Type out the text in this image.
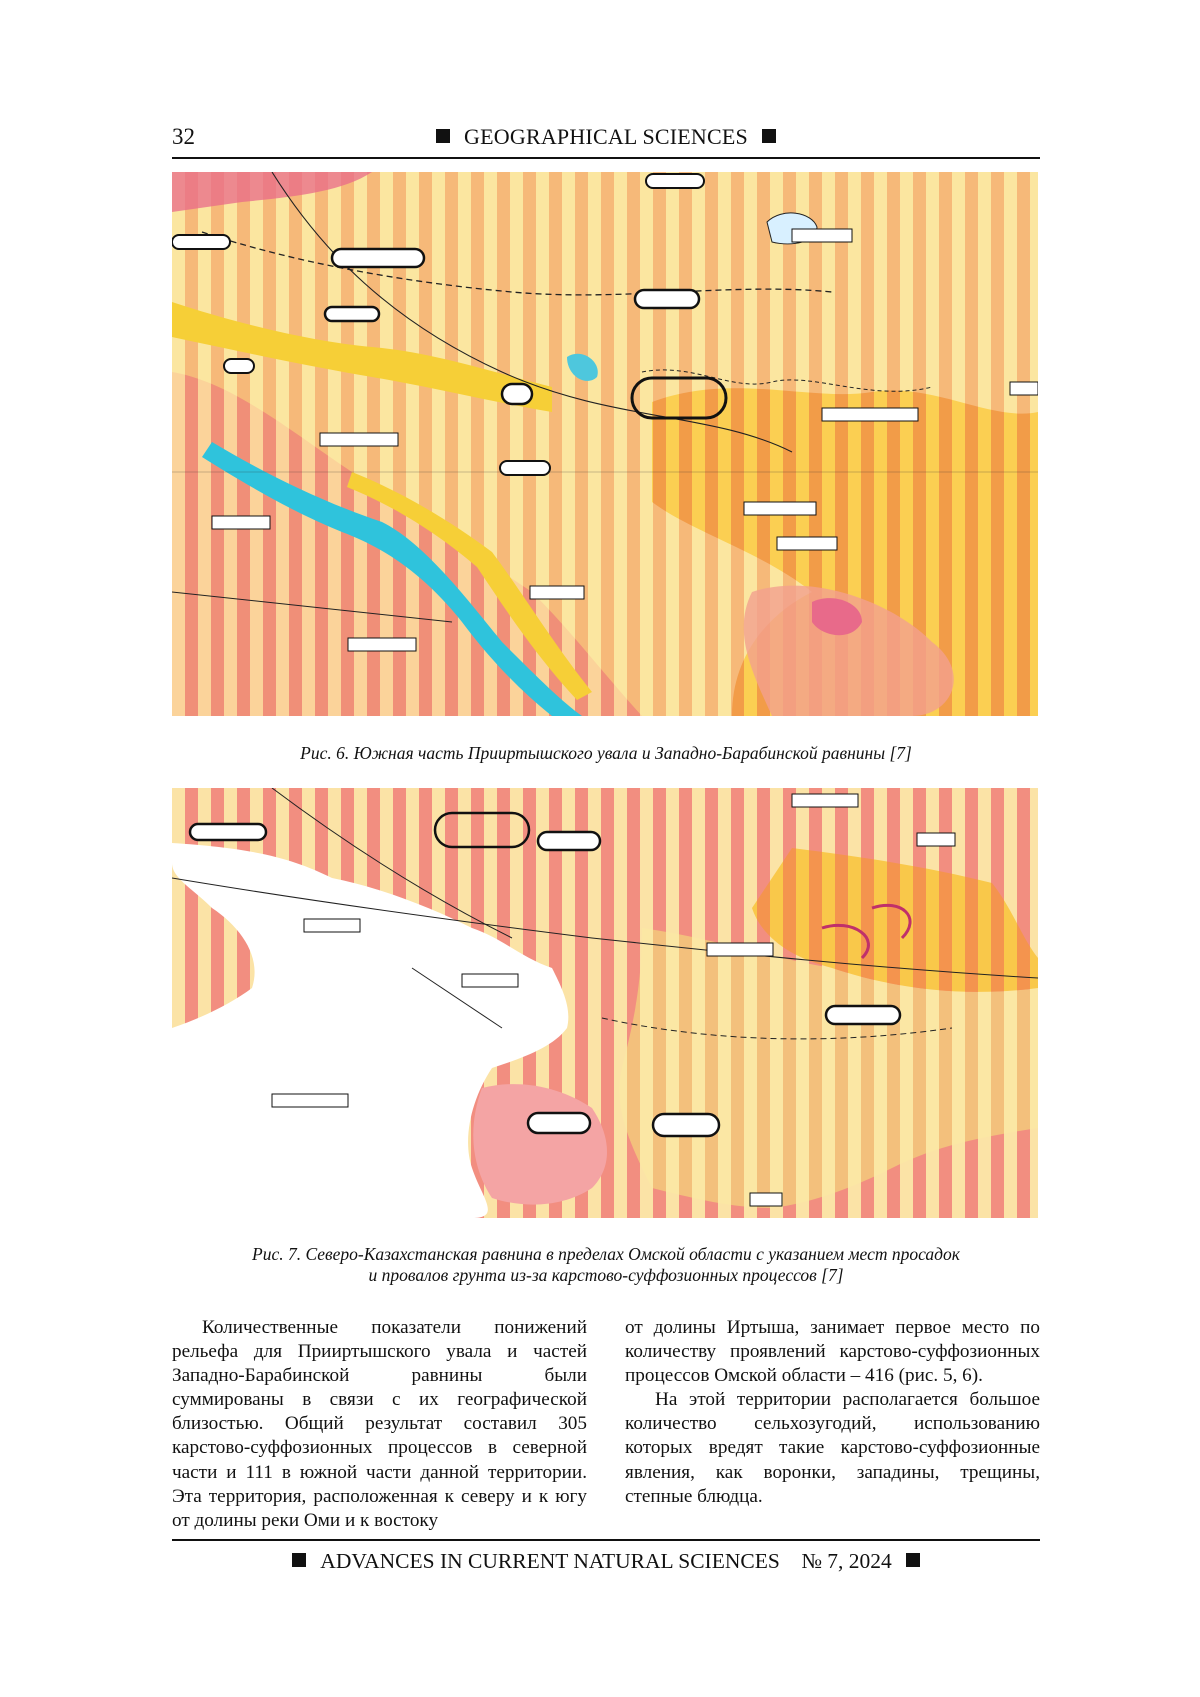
32	GEOGRAPHICAL SCIENCES
Рис. 6. Южная часть Прииртышского увала и Западно-Барабинской равнины [7]
Рис. 7. Северо-Казахстанская равнина в пределах Омской области с указанием мест просадок
и провалов грунта из-за карстово-суффозионных процессов [7]

Количественные показатели понижений рельефа для Прииртышского увала и частей Западно-Барабинской равнины были суммированы в связи с их географической близостью. Общий результат составил 305 карстово-суффозионных процессов в северной части и 111 в южной части данной территории. Эта территория, расположенная к северу и к югу от долины реки Оми и к востоку

от долины Иртыша, занимает первое место по количеству проявлений карстово-суффозионных процессов Омской области – 416 (рис. 5, 6).

На этой территории располагается большое количество сельхозугодий, использованию которых вредят такие карстово-суффозионные явления, как воронки, западины, трещины, степные блюдца.

ADVANCES IN CURRENT NATURAL SCIENCES № 7, 2024
